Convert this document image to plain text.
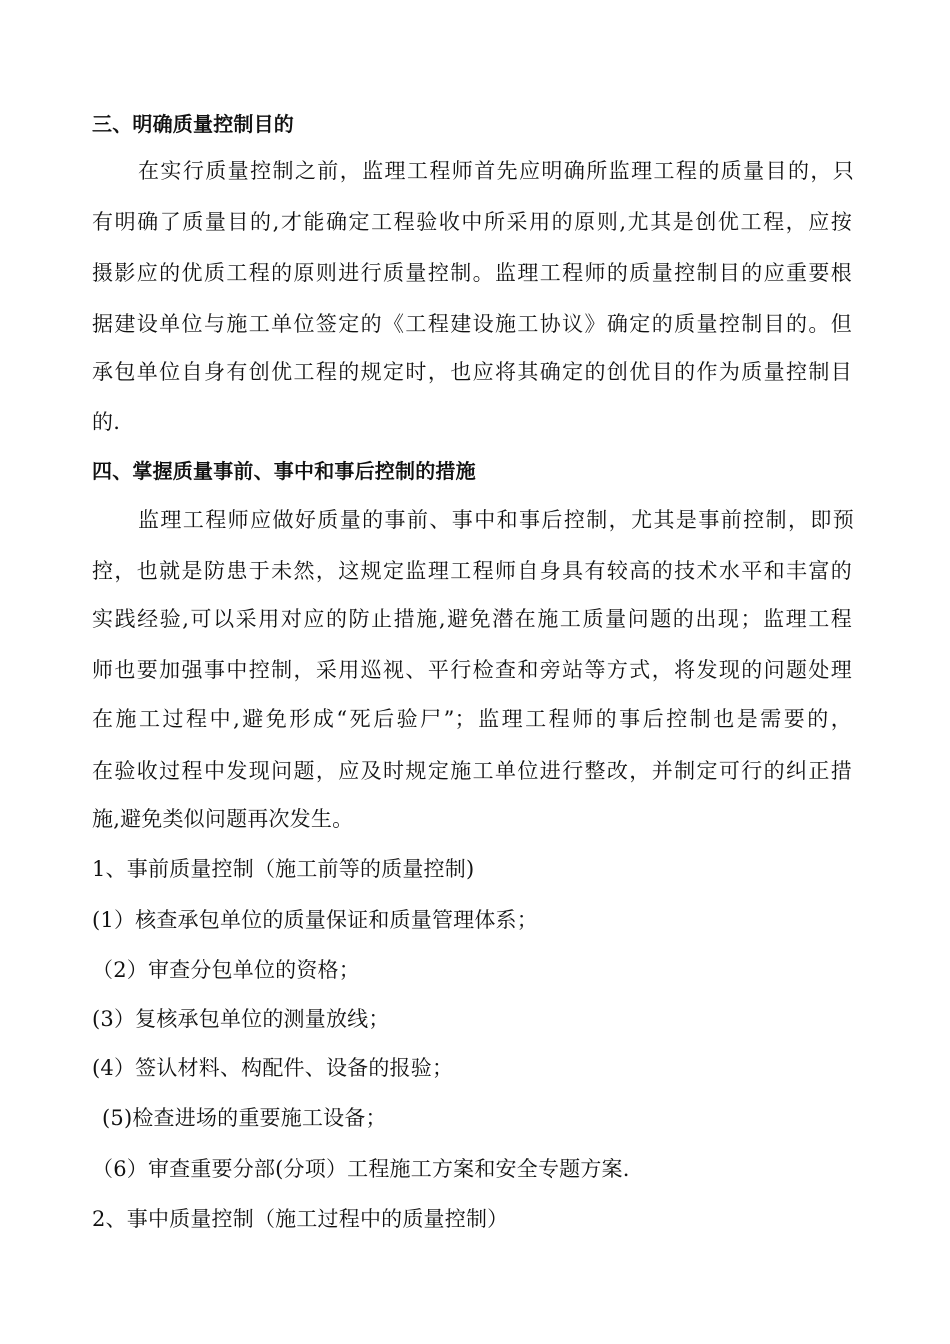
三、明确质量控制目的
在实行质量控制之前，监理工程师首先应明确所监理工程的质量目的，只
有明确了质量目的,才能确定工程验收中所采用的原则,尤其是创优工程，应按
摄影应的优质工程的原则进行质量控制。监理工程师的质量控制目的应重要根
据建设单位与施工单位签定的《工程建设施工协议》确定的质量控制目的。但
承包单位自身有创优工程的规定时，也应将其确定的创优目的作为质量控制目
的.
四、掌握质量事前、事中和事后控制的措施
监理工程师应做好质量的事前、事中和事后控制，尤其是事前控制，即预
控，也就是防患于未然，这规定监理工程师自身具有较高的技术水平和丰富的
实践经验,可以采用对应的防止措施,避免潜在施工质量问题的出现；监理工程
师也要加强事中控制，采用巡视、平行检查和旁站等方式，将发现的问题处理
在施工过程中,避免形成“死后验尸”；监理工程师的事后控制也是需要的，
在验收过程中发现问题，应及时规定施工单位进行整改，并制定可行的纠正措
施,避免类似问题再次发生。
1、事前质量控制（施工前等的质量控制)
(1）核查承包单位的质量保证和质量管理体系；
（2）审查分包单位的资格；
(3）复核承包单位的测量放线；
(4）签认材料、构配件、设备的报验；
(5)检查进场的重要施工设备；
（6）审查重要分部(分项）工程施工方案和安全专题方案.
2、事中质量控制（施工过程中的质量控制）
